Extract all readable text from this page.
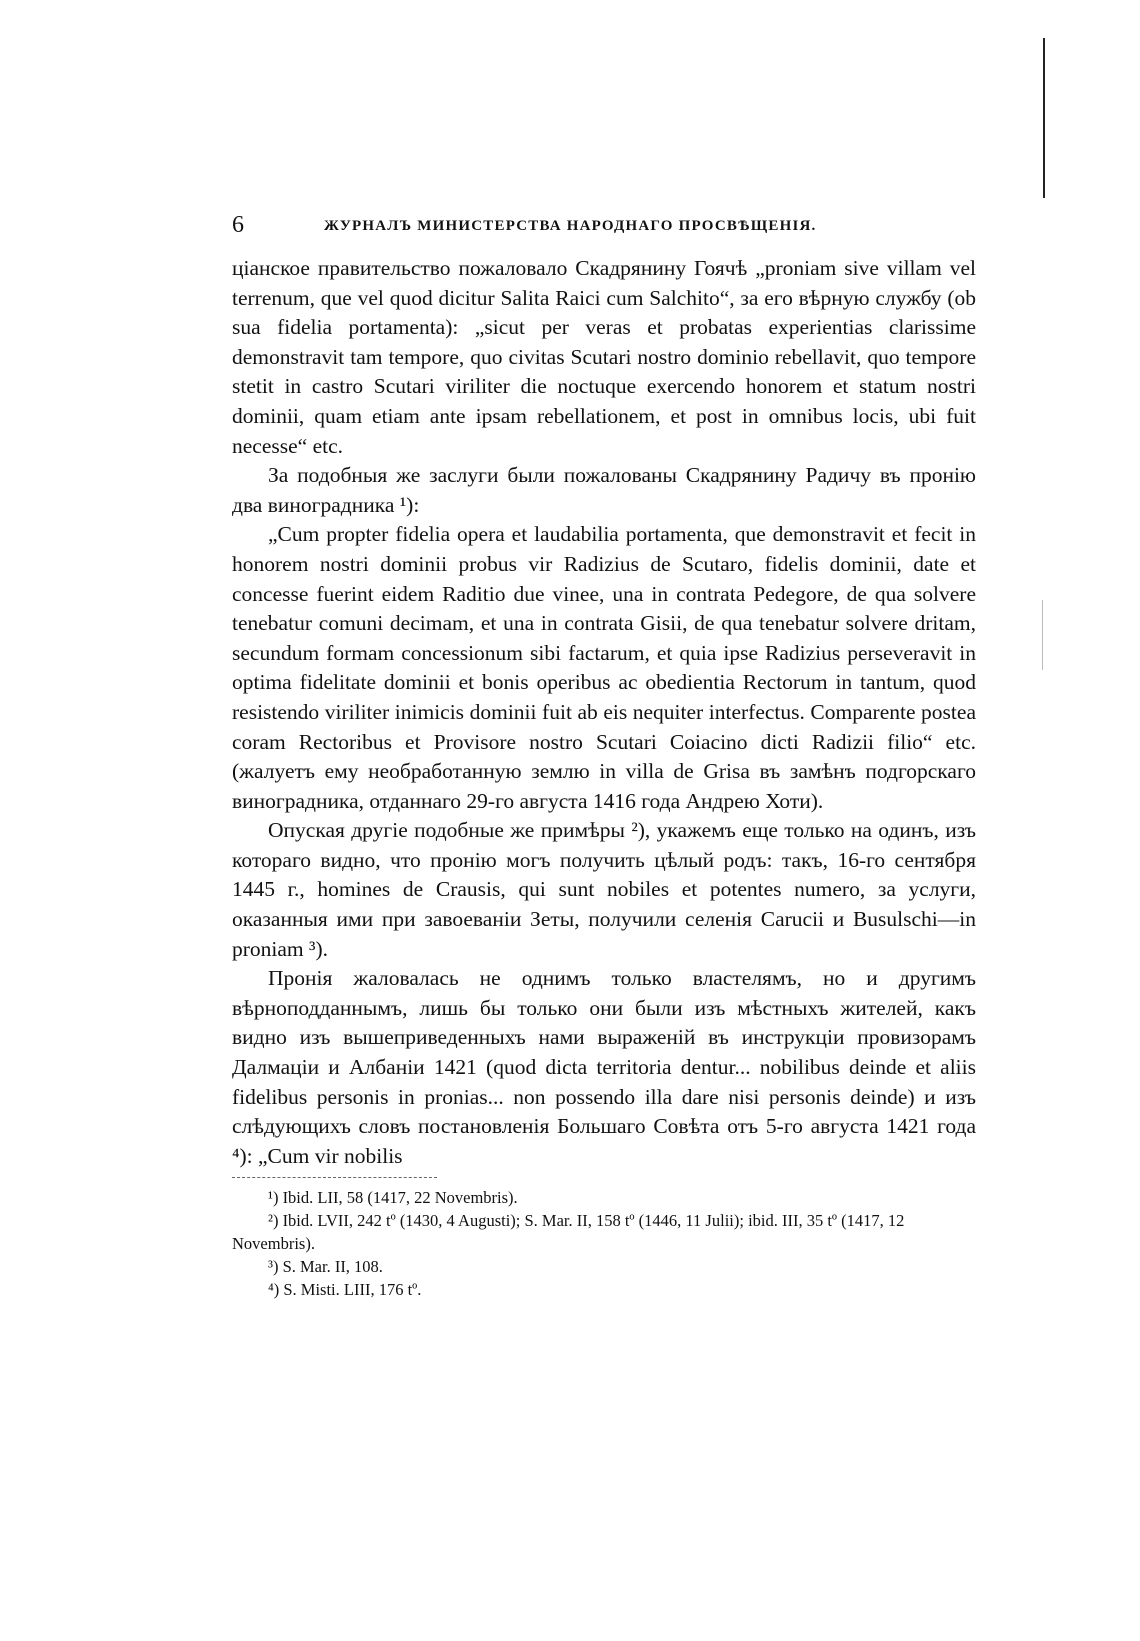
6	ЖУРНАЛЪ МИНИСТЕРСТВА НАРОДНАГО ПРОСВѢЩЕНІЯ.

ціанское правительство пожаловало Скадрянину Гоячѣ „proniam sive villam vel terrenum, que vel quod dicitur Salita Raici cum Salchito“, за его вѣрную службу (ob sua fidelia portamenta): „sicut per veras et probatas experientias clarissime demonstravit tam tempore, quo civitas Scutari nostro dominio rebellavit, quo tempore stetit in castro Scutari viriliter die noctuque exercendo honorem et statum nostri dominii, quam etiam ante ipsam rebellationem, et post in omnibus locis, ubi fuit necesse“ etc.

За подобныя же заслуги были пожалованы Скадрянину Радичу въ пронію два виноградника ¹):

„Cum propter fidelia opera et laudabilia portamenta, que demonstravit et fecit in honorem nostri dominii probus vir Radizius de Scutaro, fidelis dominii, date et concesse fuerint eidem Raditio due vinee, una in contrata Pedegore, de qua solvere tenebatur comuni decimam, et una in contrata Gisii, de qua tenebatur solvere dritam, secundum formam concessionum sibi factarum, et quia ipse Radizius perseveravit in optima fidelitate dominii et bonis operibus ac obedientia Rectorum in tantum, quod resistendo viriliter inimicis dominii fuit ab eis nequiter interfectus. Comparente postea coram Rectoribus et Provisore nostro Scutari Coiacino dicti Radizii filio“ etc. (жалуетъ ему необработанную землю in villa de Grisa въ замѣнъ подгорскаго виноградника, отданнаго 29-го августа 1416 года Андрею Хоти).

Опуская другіе подобные же примѣры ²), укажемъ еще только на одинъ, изъ котораго видно, что пронію могъ получить цѣлый родъ: такъ, 16-го сентября 1445 г., homines de Crausis, qui sunt nobiles et potentes numero, за услуги, оказанныя ими при завоеваніи Зеты, получили селенія Carucii и Busulschi—in proniam ³).

Пронія жаловалась не однимъ только властелямъ, но и другимъ вѣрноподданнымъ, лишь бы только они были изъ мѣстныхъ жителей, какъ видно изъ вышеприведенныхъ нами выраженій въ инструкціи провизорамъ Далмаціи и Албаніи 1421 (quod dicta territoria dentur... nobilibus deinde et aliis fidelibus personis in pronias... non possendo illa dare nisi personis deinde) и изъ слѣдующихъ словъ постановленія Большаго Совѣта отъ 5-го августа 1421 года ⁴): „Cum vir nobilis

¹) Ibid. LII, 58 (1417, 22 Novembris).

²) Ibid. LVII, 242 tº (1430, 4 Augusti); S. Mar. II, 158 tº (1446, 11 Julii); ibid. III, 35 tº (1417, 12 Novembris).

³) S. Mar. II, 108.

⁴) S. Misti. LIII, 176 tº.
